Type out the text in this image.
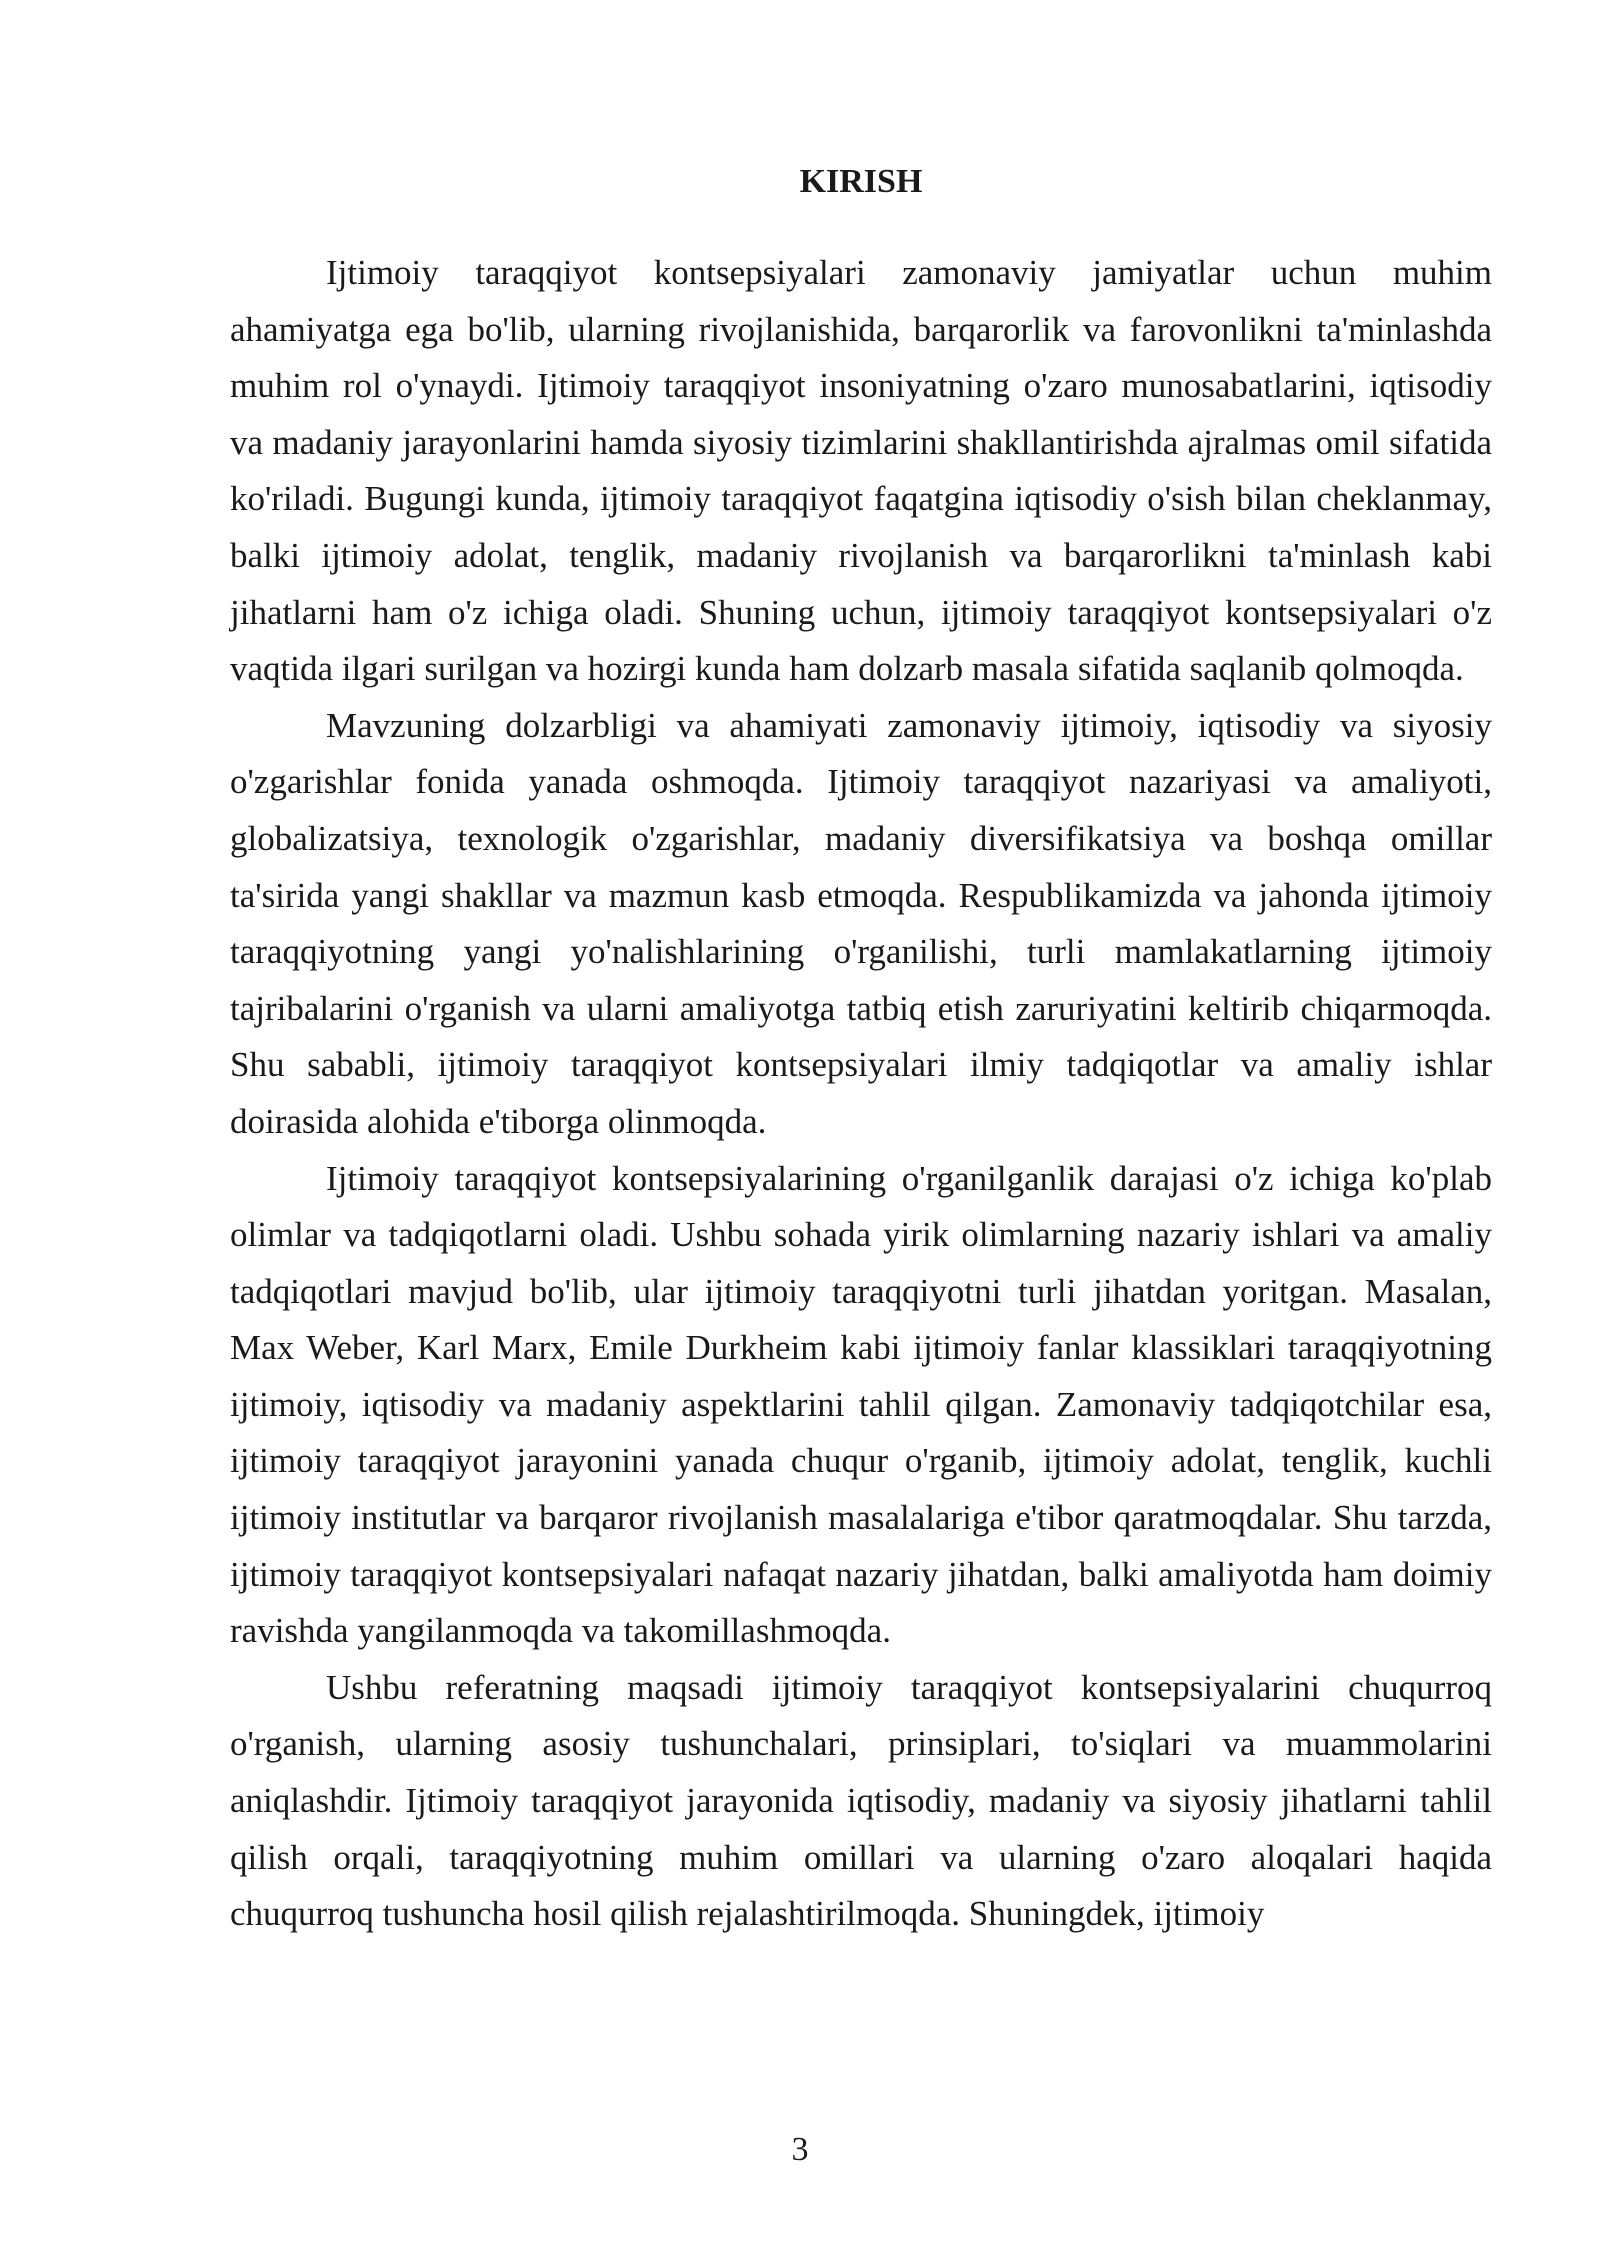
KIRISH

Ijtimoiy taraqqiyot kontsepsiyalari zamonaviy jamiyatlar uchun muhim ahamiyatga ega bo'lib, ularning rivojlanishida, barqarorlik va farovonlikni ta'minlashda muhim rol o'ynaydi. Ijtimoiy taraqqiyot insoniyatning o'zaro munosabatlarini, iqtisodiy va madaniy jarayonlarini hamda siyosiy tizimlarini shakllantirishda ajralmas omil sifatida ko'riladi. Bugungi kunda, ijtimoiy taraqqiyot faqatgina iqtisodiy o'sish bilan cheklanmay, balki ijtimoiy adolat, tenglik, madaniy rivojlanish va barqarorlikni ta'minlash kabi jihatlarni ham o'z ichiga oladi. Shuning uchun, ijtimoiy taraqqiyot kontsepsiyalari o'z vaqtida ilgari surilgan va hozirgi kunda ham dolzarb masala sifatida saqlanib qolmoqda.

Mavzuning dolzarbligi va ahamiyati zamonaviy ijtimoiy, iqtisodiy va siyosiy o'zgarishlar fonida yanada oshmoqda. Ijtimoiy taraqqiyot nazariyasi va amaliyoti, globalizatsiya, texnologik o'zgarishlar, madaniy diversifikatsiya va boshqa omillar ta'sirida yangi shakllar va mazmun kasb etmoqda. Respublikamizda va jahonda ijtimoiy taraqqiyotning yangi yo'nalishlarining o'rganilishi, turli mamlakatlarning ijtimoiy tajribalarini o'rganish va ularni amaliyotga tatbiq etish zaruriyatini keltirib chiqarmoqda. Shu sababli, ijtimoiy taraqqiyot kontsepsiyalari ilmiy tadqiqotlar va amaliy ishlar doirasida alohida e'tiborga olinmoqda.

Ijtimoiy taraqqiyot kontsepsiyalarining o'rganilganlik darajasi o'z ichiga ko'plab olimlar va tadqiqotlarni oladi. Ushbu sohada yirik olimlarning nazariy ishlari va amaliy tadqiqotlari mavjud bo'lib, ular ijtimoiy taraqqiyotni turli jihatdan yoritgan. Masalan, Max Weber, Karl Marx, Emile Durkheim kabi ijtimoiy fanlar klassiklari taraqqiyotning ijtimoiy, iqtisodiy va madaniy aspektlarini tahlil qilgan. Zamonaviy tadqiqotchilar esa, ijtimoiy taraqqiyot jarayonini yanada chuqur o'rganib, ijtimoiy adolat, tenglik, kuchli ijtimoiy institutlar va barqaror rivojlanish masalalariga e'tibor qaratmoqdalar. Shu tarzda, ijtimoiy taraqqiyot kontsepsiyalari nafaqat nazariy jihatdan, balki amaliyotda ham doimiy ravishda yangilanmoqda va takomillashmoqda.

Ushbu referatning maqsadi ijtimoiy taraqqiyot kontsepsiyalarini chuqurroq o'rganish, ularning asosiy tushunchalari, prinsiplari, to'siqlari va muammolarini aniqlashdir. Ijtimoiy taraqqiyot jarayonida iqtisodiy, madaniy va siyosiy jihatlarni tahlil qilish orqali, taraqqiyotning muhim omillari va ularning o'zaro aloqalari haqida chuqurroq tushuncha hosil qilish rejalashtirilmoqda. Shuningdek, ijtimoiy

3
